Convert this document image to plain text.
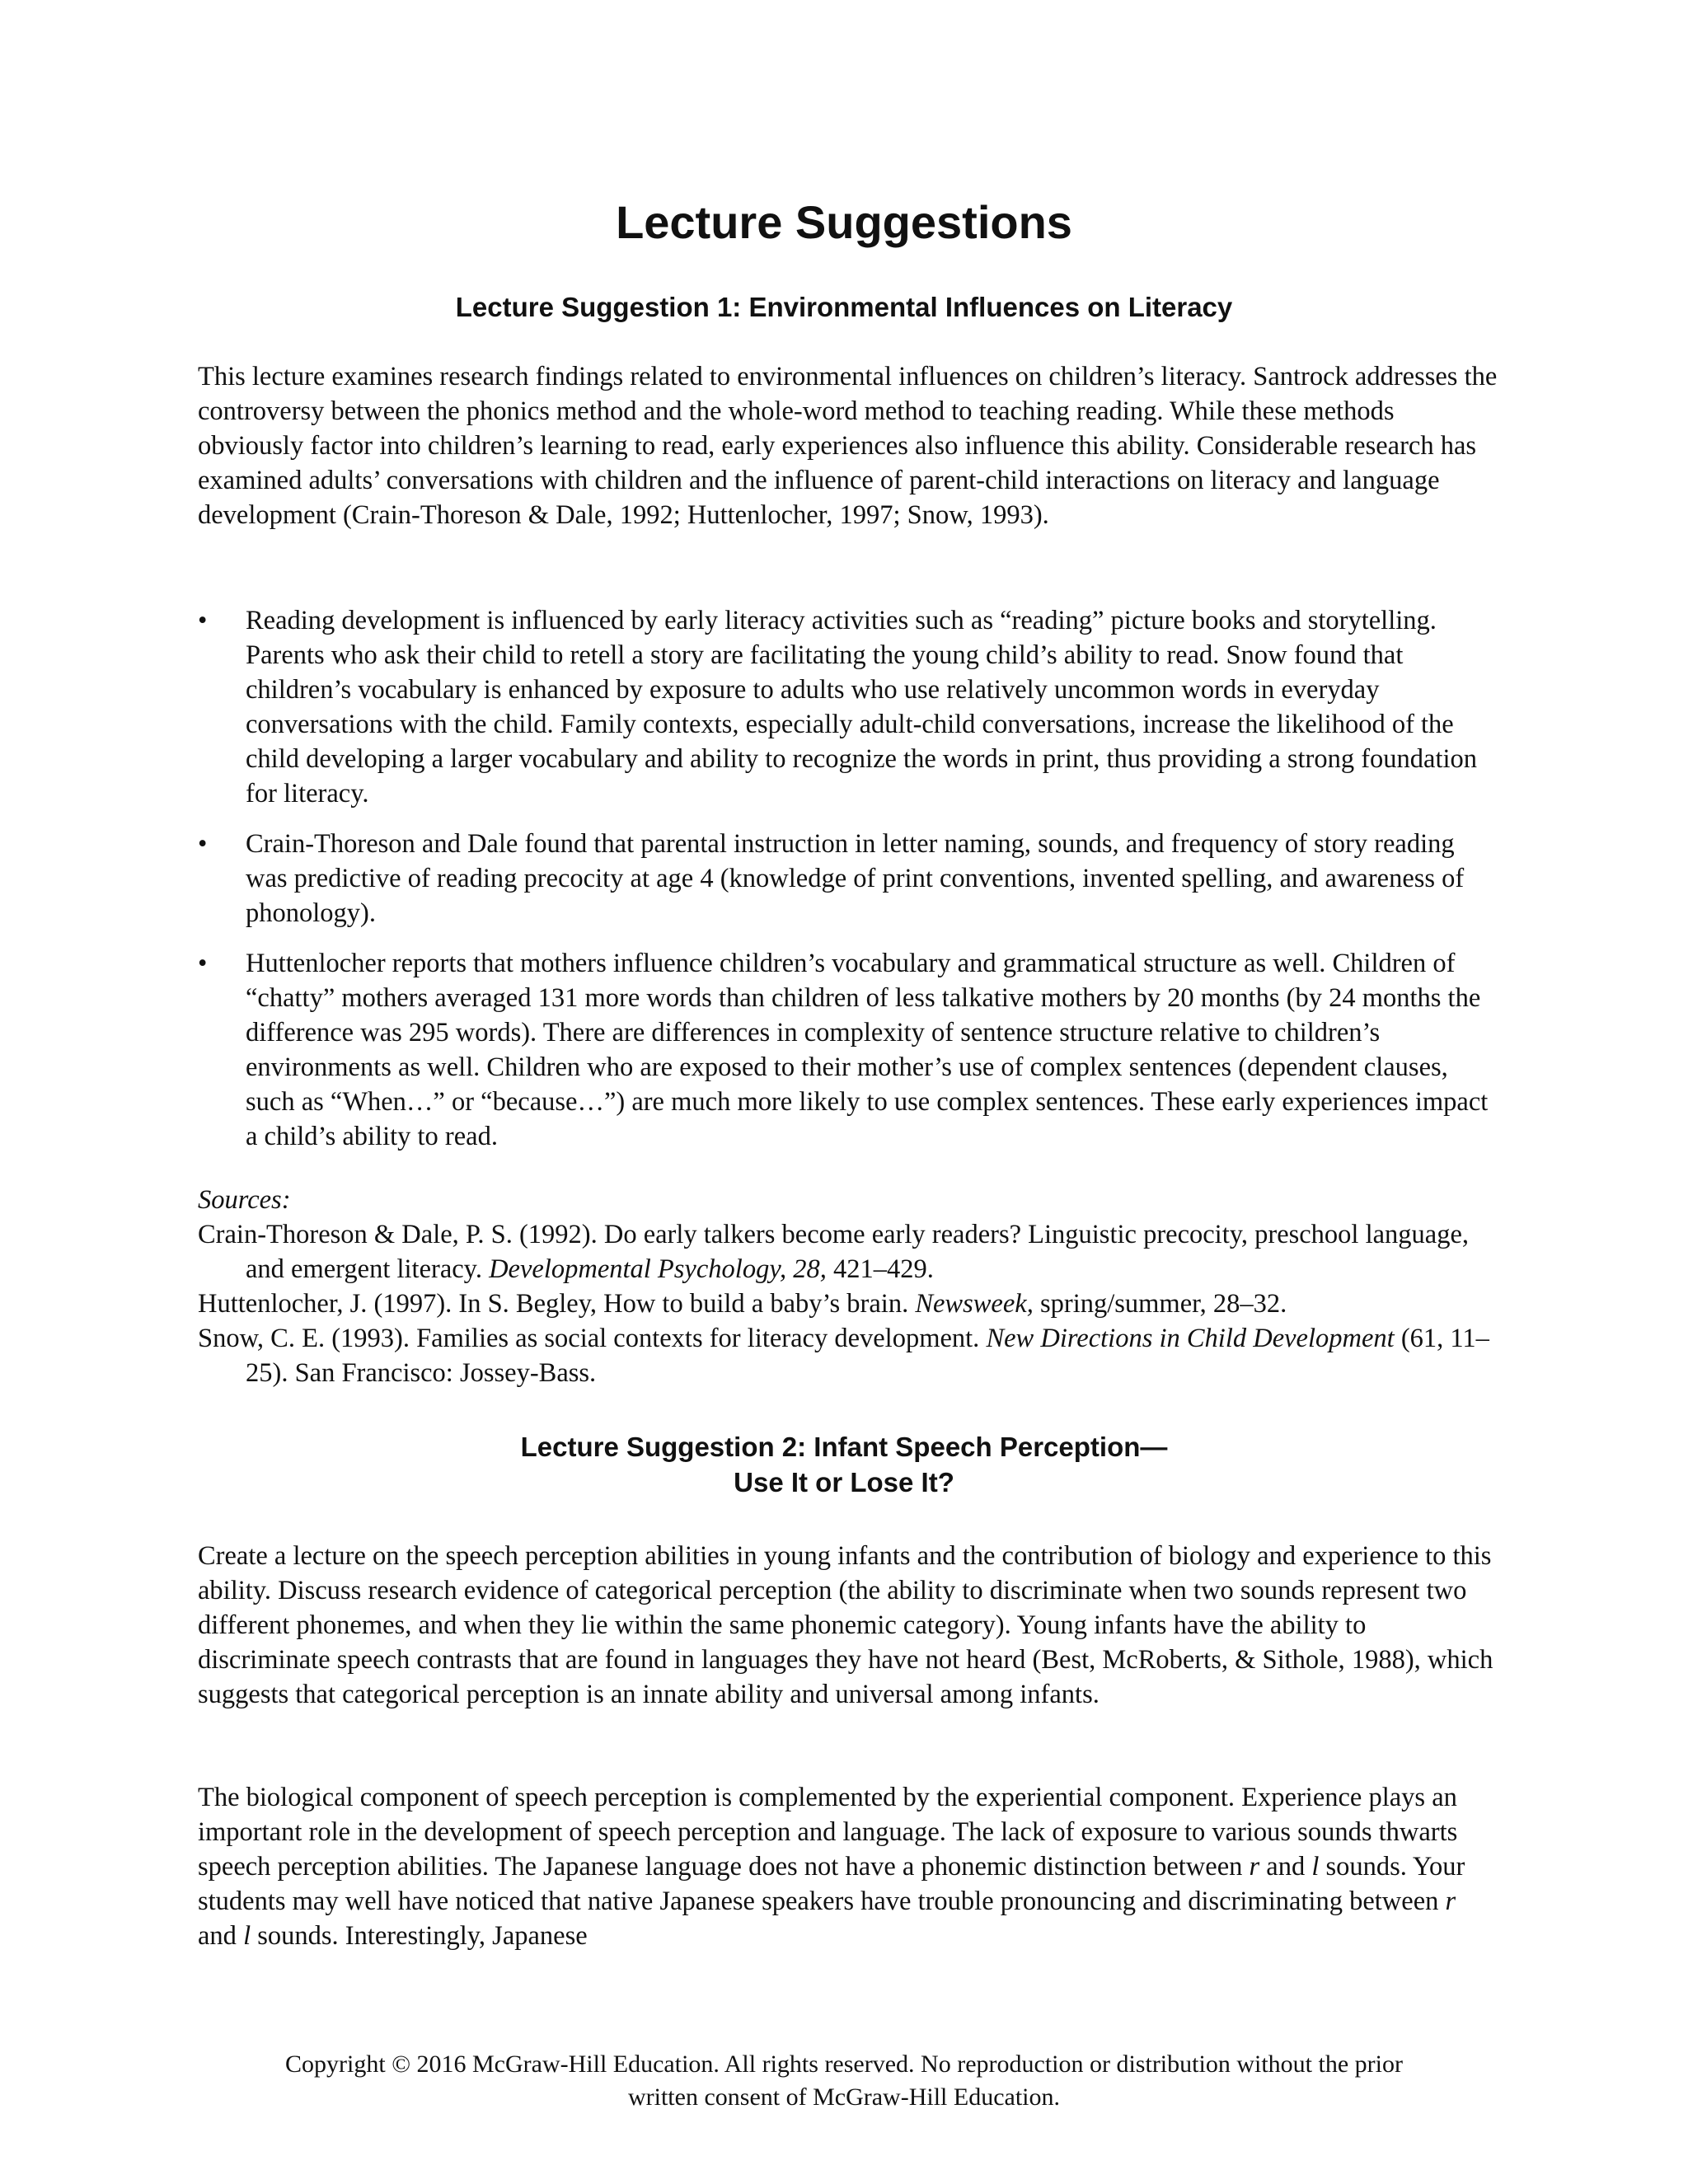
Lecture Suggestions
Lecture Suggestion 1: Environmental Influences on Literacy

This lecture examines research findings related to environmental influences on children’s literacy. Santrock addresses the controversy between the phonics method and the whole-word method to teaching reading. While these methods obviously factor into children’s learning to read, early experiences also influence this ability. Considerable research has examined adults’ conversations with children and the influence of parent-child interactions on literacy and language development (Crain-Thoreson & Dale, 1992; Huttenlocher, 1997; Snow, 1993).

•	Reading development is influenced by early literacy activities such as “reading” picture books and storytelling. Parents who ask their child to retell a story are facilitating the young child’s ability to read. Snow found that children’s vocabulary is enhanced by exposure to adults who use relatively uncommon words in everyday conversations with the child. Family contexts, especially adult-child conversations, increase the likelihood of the child developing a larger vocabulary and ability to recognize the words in print, thus providing a strong foundation for literacy.
•	Crain-Thoreson and Dale found that parental instruction in letter naming, sounds, and frequency of story reading was predictive of reading precocity at age 4 (knowledge of print conventions, invented spelling, and awareness of phonology).
•	Huttenlocher reports that mothers influence children’s vocabulary and grammatical structure as well. Children of “chatty” mothers averaged 131 more words than children of less talkative mothers by 20 months (by 24 months the difference was 295 words). There are differences in complexity of sentence structure relative to children’s environments as well. Children who are exposed to their mother’s use of complex sentences (dependent clauses, such as “When…” or “because…”) are much more likely to use complex sentences. These early experiences impact a child’s ability to read.

Sources:

Crain-Thoreson & Dale, P. S. (1992). Do early talkers become early readers? Linguistic precocity, preschool language, and emergent literacy. Developmental Psychology, 28, 421–429.

Huttenlocher, J. (1997). In S. Begley, How to build a baby’s brain. Newsweek, spring/summer, 28–32.

Snow, C. E. (1993). Families as social contexts for literacy development. New Directions in Child Development (61, 11–25). San Francisco: Jossey-Bass.

Lecture Suggestion 2: Infant Speech Perception—
Use It or Lose It?

Create a lecture on the speech perception abilities in young infants and the contribution of biology and experience to this ability. Discuss research evidence of categorical perception (the ability to discriminate when two sounds represent two different phonemes, and when they lie within the same phonemic category). Young infants have the ability to discriminate speech contrasts that are found in languages they have not heard (Best, McRoberts, & Sithole, 1988), which suggests that categorical perception is an innate ability and universal among infants.

The biological component of speech perception is complemented by the experiential component. Experience plays an important role in the development of speech perception and language. The lack of exposure to various sounds thwarts speech perception abilities. The Japanese language does not have a phonemic distinction between r and l sounds. Your students may well have noticed that native Japanese speakers have trouble pronouncing and discriminating between r and l sounds. Interestingly, Japanese

Copyright © 2016 McGraw-Hill Education. All rights reserved. No reproduction or distribution without the prior
written consent of McGraw-Hill Education.
